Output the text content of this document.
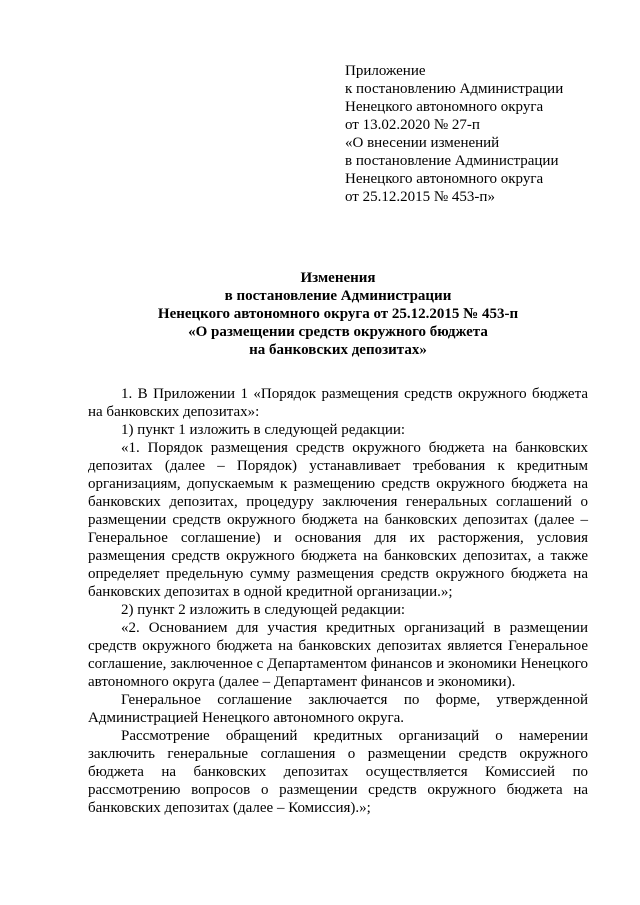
Приложение
к постановлению Администрации
Ненецкого автономного округа
от 13.02.2020 № 27-п
«О внесении изменений
в постановление Администрации
Ненецкого автономного округа
от 25.12.2015 № 453-п»
Изменения
в постановление Администрации
Ненецкого автономного округа от 25.12.2015 № 453-п
«О размещении средств окружного бюджета
на банковских депозитах»

1. В Приложении 1 «Порядок размещения средств окружного бюджета на банковских депозитах»:

1) пункт 1 изложить в следующей редакции:

«1. Порядок размещения средств окружного бюджета на банковских депозитах (далее – Порядок) устанавливает требования к кредитным организациям, допускаемым к размещению средств окружного бюджета на банковских депозитах, процедуру заключения генеральных соглашений о размещении средств окружного бюджета на банковских депозитах (далее – Генеральное соглашение) и основания для их расторжения, условия размещения средств окружного бюджета на банковских депозитах, а также определяет предельную сумму размещения средств окружного бюджета на банковских депозитах в одной кредитной организации.»;

2) пункт 2 изложить в следующей редакции:

«2. Основанием для участия кредитных организаций в размещении средств окружного бюджета на банковских депозитах является Генеральное соглашение, заключенное с Департаментом финансов и экономики Ненецкого автономного округа (далее – Департамент финансов и экономики).

Генеральное соглашение заключается по форме, утвержденной Администрацией Ненецкого автономного округа.

Рассмотрение обращений кредитных организаций о намерении заключить генеральные соглашения о размещении средств окружного бюджета на банковских депозитах осуществляется Комиссией по рассмотрению вопросов о размещении средств окружного бюджета на банковских депозитах (далее – Комиссия).»;
